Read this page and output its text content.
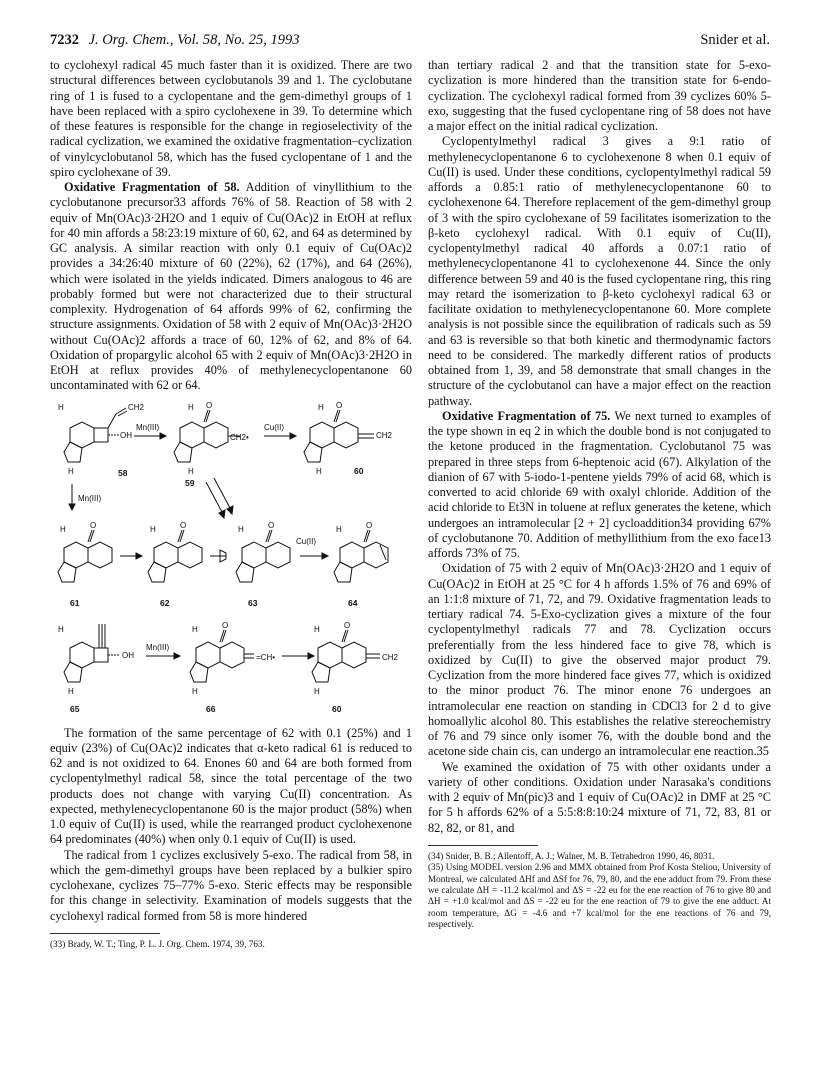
7232 J. Org. Chem., Vol. 58, No. 25, 1993	Snider et al.

to cyclohexyl radical 45 much faster than it is oxidized. There are two structural differences between cyclobutanols 39 and 1. The cyclobutane ring of 1 is fused to a cyclopentane and the gem-dimethyl groups of 1 have been replaced with a spiro cyclohexene in 39. To determine which of these features is responsible for the change in regioselectivity of the radical cyclization, we examined the oxidative fragmentation–cyclization of vinylcyclobutanol 58, which has the fused cyclopentane of 1 and the spiro cyclohexane of 39.

Oxidative Fragmentation of 58. Addition of vinyllithium to the cyclobutanone precursor33 affords 76% of 58. Reaction of 58 with 2 equiv of Mn(OAc)3·2H2O and 1 equiv of Cu(OAc)2 in EtOH at reflux for 40 min affords a 58:23:19 mixture of 60, 62, and 64 as determined by GC analysis. A similar reaction with only 0.1 equiv of Cu(OAc)2 provides a 34:26:40 mixture of 60 (22%), 62 (17%), and 64 (26%), which were isolated in the yields indicated. Dimers analogous to 46 are probably formed but were not characterized due to their structural complexity. Hydrogenation of 64 affords 99% of 62, confirming the structure assignments. Oxidation of 58 with 2 equiv of Mn(OAc)3·2H2O without Cu(OAc)2 affords a trace of 60, 12% of 62, and 8% of 64. Oxidation of propargylic alcohol 65 with 2 equiv of Mn(OAc)3·2H2O in EtOH at reflux provides 40% of methylenecyclopentanone 60 uncontaminated with 62 or 64.

H	CH2
OH
H
Mn(III)
58
H O
CH2•
H
59
Cu(II)
H O
CH2
H	60
Mn(III)
H	O	H	O	H	O
Cu(II)
H	O
61	62	63	64
H
OH
Mn(III)
H
H	O
=CH•
H
H	O
CH2
H
65	66	60

The formation of the same percentage of 62 with 0.1 (25%) and 1 equiv (23%) of Cu(OAc)2 indicates that α-keto radical 61 is reduced to 62 and is not oxidized to 64. Enones 60 and 64 are both formed from cyclopentylmethyl radical 58, since the total percentage of the two products does not change with varying Cu(II) concentration. As expected, methylenecyclopentanone 60 is the major product (58%) when 1.0 equiv of Cu(II) is used, while the rearranged product cyclohexenone 64 predominates (40%) when only 0.1 equiv of Cu(II) is used.

The radical from 1 cyclizes exclusively 5-exo. The radical from 58, in which the gem-dimethyl groups have been replaced by a bulkier spiro cyclohexane, cyclizes 75–77% 5-exo. Steric effects may be responsible for this change in selectivity. Examination of models suggests that the cyclohexyl radical formed from 58 is more hindered

(33) Brady, W. T.; Ting, P. L. J. Org. Chem. 1974, 39, 763.

than tertiary radical 2 and that the transition state for 5-exo-cyclization is more hindered than the transition state for 6-endo-cyclization. The cyclohexyl radical formed from 39 cyclizes 60% 5-exo, suggesting that the fused cyclopentane ring of 58 does not have a major effect on the initial radical cyclization.

Cyclopentylmethyl radical 3 gives a 9:1 ratio of methylenecyclopentanone 6 to cyclohexenone 8 when 0.1 equiv of Cu(II) is used. Under these conditions, cyclopentylmethyl radical 59 affords a 0.85:1 ratio of methylenecyclopentanone 60 to cyclohexenone 64. Therefore replacement of the gem-dimethyl group of 3 with the spiro cyclohexane of 59 facilitates isomerization to the β-keto cyclohexyl radical. With 0.1 equiv of Cu(II), cyclopentylmethyl radical 40 affords a 0.07:1 ratio of methylenecyclopentanone 41 to cyclohexenone 44. Since the only difference between 59 and 40 is the fused cyclopentane ring, this ring may retard the isomerization to β-keto cyclohexyl radical 63 or facilitate oxidation to methylenecyclopentanone 60. More complete analysis is not possible since the equilibration of radicals such as 59 and 63 is reversible so that both kinetic and thermodynamic factors need to be considered. The markedly different ratios of products obtained from 1, 39, and 58 demonstrate that small changes in the structure of the cyclobutanol can have a major effect on the reaction pathway.

Oxidative Fragmentation of 75. We next turned to examples of the type shown in eq 2 in which the double bond is not conjugated to the ketone produced in the fragmentation. Cyclobutanol 75 was prepared in three steps from 6-heptenoic acid (67). Alkylation of the dianion of 67 with 5-iodo-1-pentene yields 79% of acid 68, which is converted to acid chloride 69 with oxalyl chloride. Addition of the acid chloride to Et3N in toluene at reflux generates the ketene, which undergoes an intramolecular [2 + 2] cycloaddition34 providing 67% of cyclobutanone 70. Addition of methyllithium from the exo face13 affords 73% of 75.

Oxidation of 75 with 2 equiv of Mn(OAc)3·2H2O and 1 equiv of Cu(OAc)2 in EtOH at 25 °C for 4 h affords 1.5% of 76 and 69% of an 1:1:8 mixture of 71, 72, and 79. Oxidative fragmentation leads to tertiary radical 74. 5-Exo-cyclization gives a mixture of the four cyclopentylmethyl radicals 77 and 78. Cyclization occurs preferentially from the less hindered face to give 78, which is oxidized by Cu(II) to give the observed major product 79. Cyclization from the more hindered face gives 77, which is oxidized to the minor product 76. The minor enone 76 undergoes an intramolecular ene reaction on standing in CDCl3 for 2 d to give homoallylic alcohol 80. This establishes the relative stereochemistry of 76 and 79 since only isomer 76, with the double bond and the acetone side chain cis, can undergo an intramolecular ene reaction.35

We examined the oxidation of 75 with other oxidants under a variety of other conditions. Oxidation under Narasaka's conditions with 2 equiv of Mn(pic)3 and 1 equiv of Cu(OAc)2 in DMF at 25 °C for 5 h affords 62% of a 5:5:8:8:10:24 mixture of 71, 72, 83, 81 or 82, 82, or 81, and

(34) Snider, B. B.; Allentoff, A. J.; Walner, M. B. Tetrahedron 1990, 46, 8031.

(35) Using MODEL version 2.96 and MMX obtained from Prof Kosta Steliou, University of Montreal, we calculated ΔHf and ΔSf for 76, 79, 80, and the ene adduct from 79. From these we calculate ΔH = -11.2 kcal/mol and ΔS = -22 eu for the ene reaction of 76 to give 80 and ΔH = +1.0 kcal/mol and ΔS = -22 eu for the ene reaction of 79 to give the ene adduct. At room temperature, ΔG = -4.6 and +7 kcal/mol for the ene reactions of 76 and 79, respectively.
